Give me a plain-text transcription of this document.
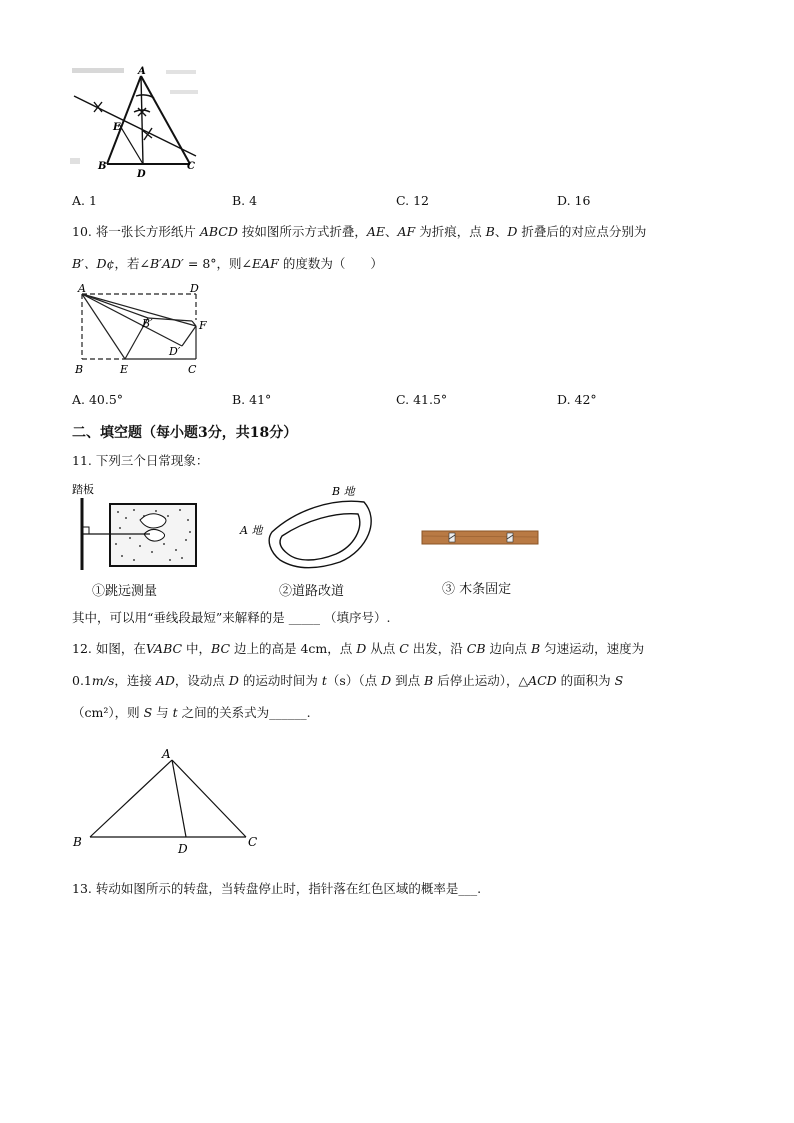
A
B	C
D
E
A. 1	B. 4	C. 12	D. 16
10. 将一张长方形纸片 ABCD 按如图所示方式折叠，AE、AF 为折痕，点 B、D 折叠后的对应点分别为
B′、D¢，若∠B′AD′ = 8°，则∠EAF 的度数为（　　）
A	D
B′	F
D′
B	E	C
A. 40.5°	B. 41°	C. 41.5°	D. 42°
二、填空题（每小题3分，共18分）
11. 下列三个日常现象：
踏板
①跳远测量
A 地
B 地
②道路改道	③ 木条固定
其中，可以用“垂线段最短”来解释的是 _____ （填序号）.
12. 如图，在VABC 中，BC 边上的高是 4cm，点 D 从点 C 出发，沿 CB 边向点 B 匀速运动，速度为
0.1m/s，连接 AD，设动点 D 的运动时间为 t（s）（点 D 到点 B 后停止运动），△ACD 的面积为 S
（cm²），则 S 与 t 之间的关系式为______.
A
B	C
D
13. 转动如图所示的转盘，当转盘停止时，指针落在红色区域的概率是___.
